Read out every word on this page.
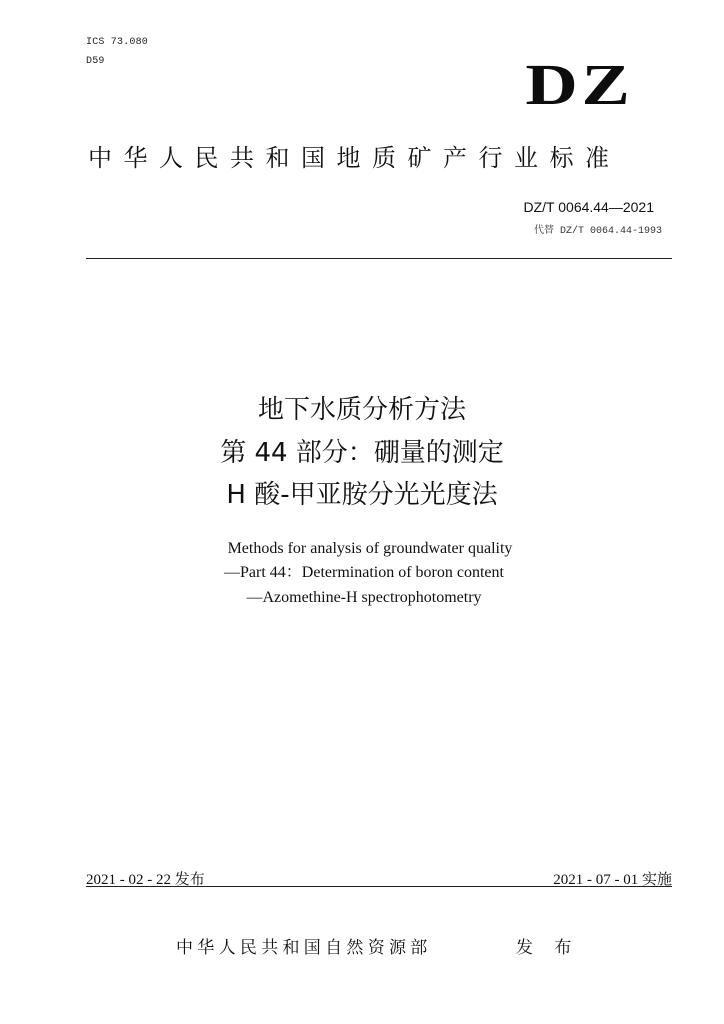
ICS 73.080
D59	DZ
中华人民共和国地质矿产行业标准
DZ/T 0064.44—2021
代替 DZ/T 0064.44-1993
地下水质分析方法
第 44 部分：硼量的测定
H 酸-甲亚胺分光光度法
Methods for analysis of groundwater quality
—Part 44：Determination of boron content
—Azomethine-H spectrophotometry
2021 - 02 - 22 发布	2021 - 07 - 01 实施
中华人民共和国自然资源部	发 布
